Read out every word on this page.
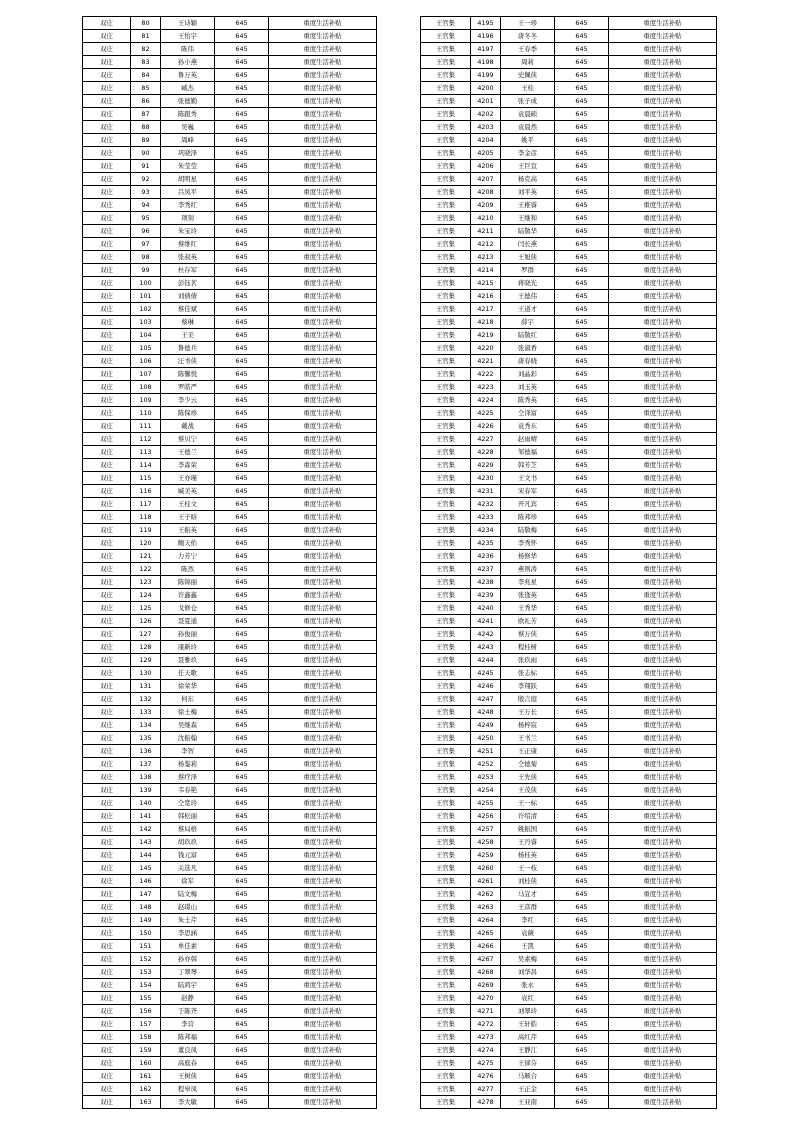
双庄	80	王诗颖	645	重度生活补贴
双庄	81	王怡宇	645	重度生活补贴
双庄	82	陈伟	645	重度生活补贴
双庄	83	孙小燕	645	重度生活补贴
双庄	84	鲁万英	645	重度生活补贴
双庄	85	臧杰	645	重度生活补贴
双庄	86	张德勤	645	重度生活补贴
双庄	87	陈跟秀	645	重度生活补贴
双庄	88	吴巍	645	重度生活补贴
双庄	89	周峰	645	重度生活补贴
双庄	90	巩晓泽	645	重度生活补贴
双庄	91	朱莹莹	645	重度生活补贴
双庄	92	胡明星	645	重度生活补贴
双庄	93	吕凤平	645	重度生活补贴
双庄	94	李秀红	645	重度生活补贴
双庄	95	项刻	645	重度生活补贴
双庄	96	朱宝玲	645	重度生活补贴
双庄	97	蔡维红	645	重度生活补贴
双庄	98	张叔英	645	重度生活补贴
双庄	99	杜存军	645	重度生活补贴
双庄	100	彭钰茗	645	重度生活补贴
双庄	101	刘倩倩	645	重度生活补贴
双庄	102	蔡佳斌	645	重度生活补贴
双庄	103	蔡琳	645	重度生活补贴
双庄	104	王美	645	重度生活补贴
双庄	105	鲁德兵	645	重度生活补贴
双庄	106	汪书侠	645	重度生活补贴
双庄	107	陈馨悦	645	重度生活补贴
双庄	108	罗皓严	645	重度生活补贴
双庄	109	李少云	645	重度生活补贴
双庄	110	陈保珍	645	重度生活补贴
双庄	111	戴战	645	重度生活补贴
双庄	112	蔡贝宁	645	重度生活补贴
双庄	113	王德兰	645	重度生活补贴
双庄	114	李森荣	645	重度生活补贴
双庄	115	王亦瑾	645	重度生活补贴
双庄	116	臧美英	645	重度生活补贴
双庄	117	王桂文	645	重度生活补贴
双庄	118	王子晗	645	重度生活补贴
双庄	119	王振英	645	重度生活补贴
双庄	120	鲍天佑	645	重度生活补贴
双庄	121	力芳宁	645	重度生活补贴
双庄	122	陈然	645	重度生活补贴
双庄	123	陈锦丽	645	重度生活补贴
双庄	124	许鑫鑫	645	重度生活补贴
双庄	125	戈修仓	645	重度生活补贴
双庄	126	聂夏通	645	重度生活补贴
双庄	127	孙俊丽	645	重度生活补贴
双庄	128	康新玲	645	重度生活补贴
双庄	129	聂雅玖	645	重度生活补贴
双庄	130	任天歌	645	重度生活补贴
双庄	131	徐荣华	645	重度生活补贴
双庄	132	何东	645	重度生活补贴
双庄	133	徐士梅	645	重度生活补贴
双庄	134	吴继森	645	重度生活补贴
双庄	135	沈振翰	645	重度生活补贴
双庄	136	李智	645	重度生活补贴
双庄	137	杨鉴莉	645	重度生活补贴
双庄	138	蔡疗泽	645	重度生活补贴
双庄	139	韦春艳	645	重度生活补贴
双庄	140	仝宽玲	645	重度生活补贴
双庄	141	韩松丽	645	重度生活补贴
双庄	142	蔡局格	645	重度生活补贴
双庄	143	胡玖玖	645	重度生活补贴
双庄	144	钱元富	645	重度生活补贴
双庄	145	关选凡	645	重度生活补贴
双庄	146	徐军	645	重度生活补贴
双庄	147	陆文梅	645	重度生活补贴
双庄	148	赵璟山	645	重度生活补贴
双庄	149	朱士芹	645	重度生活补贴
双庄	150	李思涵	645	重度生活补贴
双庄	151	单佳素	645	重度生活补贴
双庄	152	孙亦韩	645	重度生活补贴
双庄	153	丁翠琴	645	重度生活补贴
双庄	154	陆鸿宇	645	重度生活补贴
双庄	155	赵静	645	重度生活补贴
双庄	156	于陈齐	645	重度生活补贴
双庄	157	李营	645	重度生活补贴
双庄	158	陈邦福	645	重度生活补贴
双庄	159	董良凤	645	重度生活补贴
双庄	160	高庭春	645	重度生活补贴
双庄	161	王树侠	645	重度生活补贴
双庄	162	程皋凤	645	重度生活补贴
双庄	163	李大敏	645	重度生活补贴
王官集	4195	王一珍	645	重度生活补贴
王官集	4196	唐冬冬	645	重度生活补贴
王官集	4197	王春季	645	重度生活补贴
王官集	4198	周莉	645	重度生活补贴
王官集	4199	史佩侠	645	重度生活补贴
王官集	4200	王桂	645	重度生活补贴
王官集	4201	张子成	645	重度生活补贴
王官集	4202	袁晨硕	645	重度生活补贴
王官集	4203	袁晨然	645	重度生活补贴
王官集	4204	姚平	645	重度生活补贴
王官集	4205	李金彦	645	重度生活补贴
王官集	4206	王巨宣	645	重度生活补贴
王官集	4207	杨克高	645	重度生活补贴
王官集	4208	刘平英	645	重度生活补贴
王官集	4209	王稚睿	645	重度生活补贴
王官集	4210	王继和	645	重度生活补贴
王官集	4211	陆敬华	645	重度生活补贴
王官集	4212	闫长燕	645	重度生活补贴
王官集	4213	王旭侠	645	重度生活补贴
王官集	4214	罗群	645	重度生活补贴
王官集	4215	蒋晓光	645	重度生活补贴
王官集	4216	王德伟	645	重度生活补贴
王官集	4217	王道才	645	重度生活补贴
王官集	4218	薛宇	645	重度生活补贴
王官集	4219	陆敬红	645	重度生活补贴
王官集	4220	张淑香	645	重度生活补贴
王官集	4221	唐春晓	645	重度生活补贴
王官集	4222	刘晶彩	645	重度生活补贴
王官集	4223	刘玉英	645	重度生活补贴
王官集	4224	陈秀英	645	重度生活补贴
王官集	4225	仝泽富	645	重度生活补贴
王官集	4226	袁秀东	645	重度生活补贴
王官集	4227	赵雨晴	645	重度生活补贴
王官集	4228	邹德福	645	重度生活补贴
王官集	4229	韩芳芝	645	重度生活补贴
王官集	4230	王文书	645	重度生活补贴
王官集	4231	宋春军	645	重度生活补贴
王官集	4232	开凡宾	645	重度生活补贴
王官集	4233	陈邦珍	645	重度生活补贴
王官集	4234	陆敬梅	645	重度生活补贴
王官集	4235	李秀怀	645	重度生活补贴
王官集	4236	杨修华	645	重度生活补贴
王官集	4237	燕则涛	645	重度生活补贴
王官集	4238	李兆星	645	重度生活补贴
王官集	4239	张逢英	645	重度生活补贴
王官集	4240	王秀华	645	重度生活补贴
王官集	4241	欧礼芳	645	重度生活补贴
王官集	4242	蔡万侠	645	重度生活补贴
王官集	4243	程桂树	645	重度生活补贴
王官集	4244	张玖雨	645	重度生活补贴
王官集	4245	张志标	645	重度生活补贴
王官集	4246	李翔跃	645	重度生活补贴
王官集	4247	殷言庭	645	重度生活补贴
王官集	4248	王万长	645	重度生活补贴
王官集	4249	杨梓宸	645	重度生活补贴
王官集	4250	王书兰	645	重度生活补贴
王官集	4251	王正康	645	重度生活补贴
王官集	4252	仝德菊	645	重度生活补贴
王官集	4253	王先侠	645	重度生活补贴
王官集	4254	王茂侠	645	重度生活补贴
王官集	4255	王一标	645	重度生活补贴
王官集	4256	许绍清	645	重度生活补贴
王官集	4257	姚振国	645	重度生活补贴
王官集	4258	王丹睿	645	重度生活补贴
王官集	4259	杨桂英	645	重度生活补贴
王官集	4260	王一枝	645	重度生活补贴
王官集	4261	刘桂侠	645	重度生活补贴
王官集	4262	马宜才	645	重度生活补贴
王官集	4263	王彦群	645	重度生活补贴
王官集	4264	李红	645	重度生活补贴
王官集	4265	袁薇	645	重度生活补贴
王官集	4266	王凯	645	重度生活补贴
王官集	4267	吴素梅	645	重度生活补贴
王官集	4268	刘华昌	645	重度生活补贴
王官集	4269	张永	645	重度生活补贴
王官集	4270	袁红	645	重度生活补贴
王官集	4271	刘翠玲	645	重度生活补贴
王官集	4272	王轩皓	645	重度生活补贴
王官集	4273	高红芹	645	重度生活补贴
王官集	4274	王静江	645	重度生活补贴
王官集	4275	王律芬	645	重度生活补贴
王官集	4276	马顺合	645	重度生活补贴
王官集	4277	王正金	645	重度生活补贴
王官集	4278	王亚南	645	重度生活补贴
